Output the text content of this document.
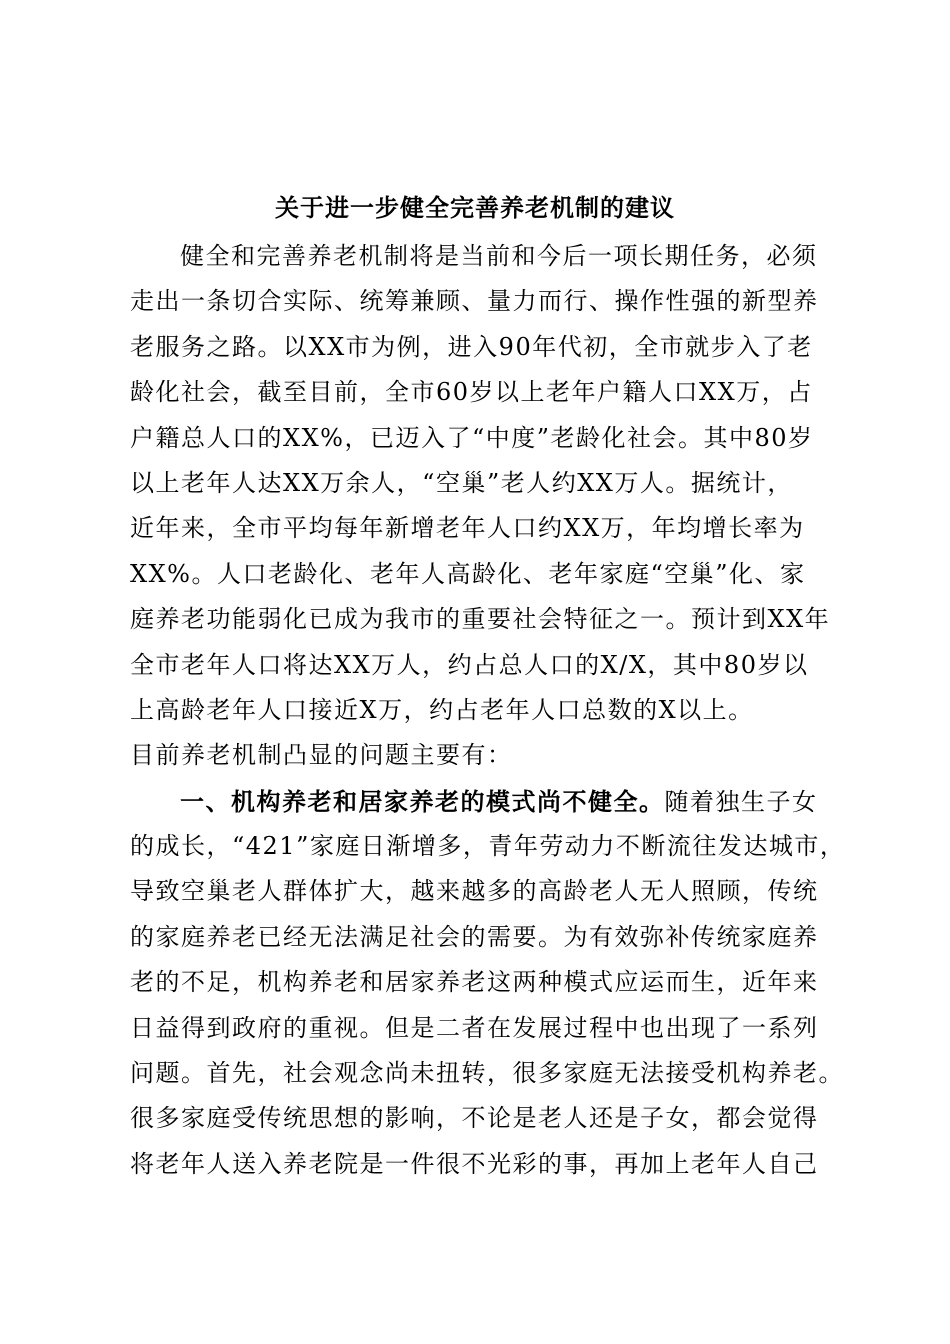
关于进一步健全完善养老机制的建议
健全和完善养老机制将是当前和今后一项长期任务，必须
走出一条切合实际、统筹兼顾、量力而行、操作性强的新型养
老服务之路。以XX市为例，进入90年代初，全市就步入了老
龄化社会，截至目前，全市60岁以上老年户籍人口XX万，占
户籍总人口的XX%，已迈入了“中度”老龄化社会。其中80岁
以上老年人达XX万余人，“空巢”老人约XX万人。据统计，
近年来，全市平均每年新增老年人口约XX万，年均增长率为
XX%。人口老龄化、老年人高龄化、老年家庭“空巢”化、家
庭养老功能弱化已成为我市的重要社会特征之一。预计到XX年
全市老年人口将达XX万人，约占总人口的X/X，其中80岁以
上高龄老年人口接近X万，约占老年人口总数的X以上。
目前养老机制凸显的问题主要有：
一、机构养老和居家养老的模式尚不健全。随着独生子女
的成长，“421”家庭日渐增多，青年劳动力不断流往发达城市，
导致空巢老人群体扩大，越来越多的高龄老人无人照顾，传统
的家庭养老已经无法满足社会的需要。为有效弥补传统家庭养
老的不足，机构养老和居家养老这两种模式应运而生，近年来
日益得到政府的重视。但是二者在发展过程中也出现了一系列
问题。首先，社会观念尚未扭转，很多家庭无法接受机构养老。
很多家庭受传统思想的影响，不论是老人还是子女，都会觉得
将老年人送入养老院是一件很不光彩的事，再加上老年人自己
